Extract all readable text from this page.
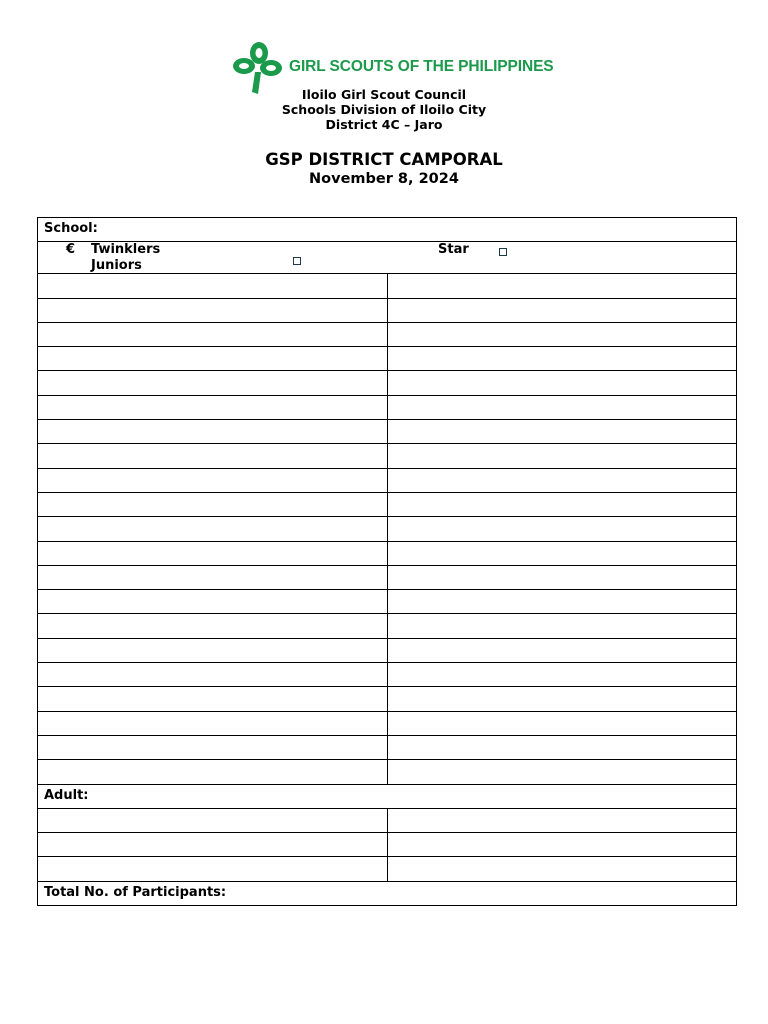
GIRL SCOUTS OF THE PHILIPPINES
Iloilo Girl Scout Council
Schools Division of Iloilo City
District 4C – Jaro
GSP DISTRICT CAMPORAL
November 8, 2024
School:	

€ Twinklers
Juniors
Star	

Adult:	

Total No. of Participants:	
